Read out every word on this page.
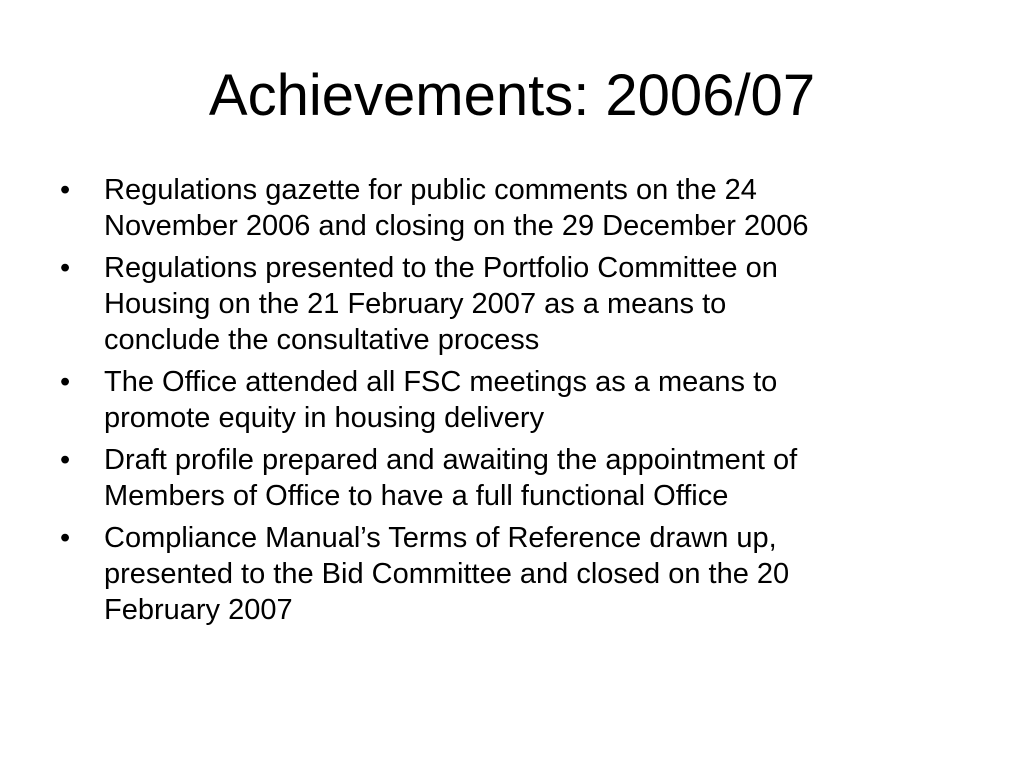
Achievements: 2006/07
•	Regulations gazette for public comments on the 24
November 2006 and closing on the 29 December 2006
•	Regulations presented to the Portfolio Committee on
Housing on the 21 February 2007 as a means to
conclude the consultative process
•	The Office attended all FSC meetings as a means to
promote equity in housing delivery
•	Draft profile prepared and awaiting the appointment of
Members of Office to have a full functional Office
•	Compliance Manual’s Terms of Reference drawn up,
presented to the Bid Committee and closed on the 20
February 2007
